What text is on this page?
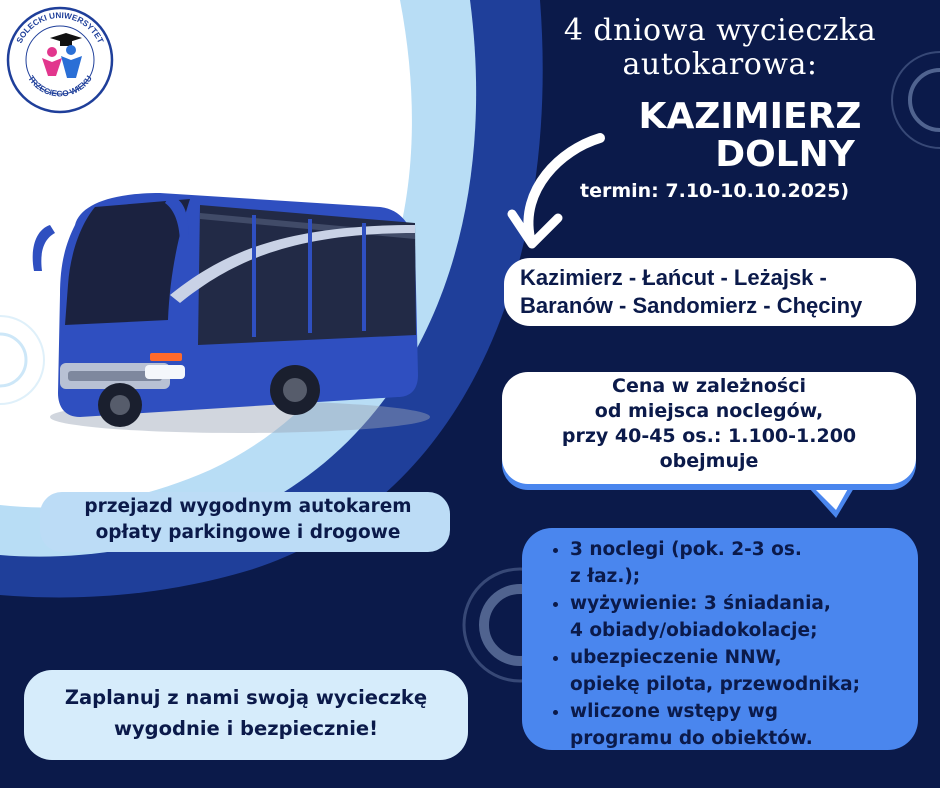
SOLECKI UNIWERSYTET
TRZECIEGO WIEKU
4 dniowa wycieczka
autokarowa:
KAZIMIERZ
DOLNY
termin: 7.10-10.10.2025)
Kazimierz - Łańcut - Leżajsk -
Baranów - Sandomierz - Chęciny
Cena w zależności
od miejsca noclegów,
przy 40-45 os.: 1.100-1.200
obejmuje
• 3 noclegi (pok. 2-3 os.
z łaz.);
• wyżywienie: 3 śniadania,
4 obiady/obiadokolacje;
• ubezpieczenie NNW,
opiekę pilota, przewodnika;
• wliczone wstępy wg
programu do obiektów.
przejazd wygodnym autokarem
opłaty parkingowe i drogowe
Zaplanuj z nami swoją wycieczkę
wygodnie i bezpiecznie!
